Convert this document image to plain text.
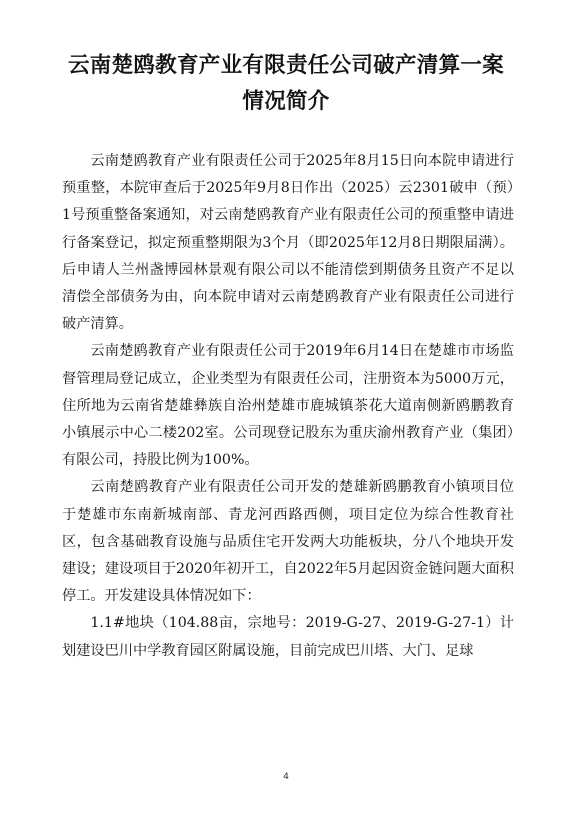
云南楚鸥教育产业有限责任公司破产清算一案
情况简介

云南楚鸥教育产业有限责任公司于2025年8月15日向本院申请进行预重整，本院审查后于2025年9月8日作出（2025）云2301破申（预）1号预重整备案通知，对云南楚鸥教育产业有限责任公司的预重整申请进行备案登记，拟定预重整期限为3个月（即2025年12月8日期限届满）。后申请人兰州盏博园林景观有限公司以不能清偿到期债务且资产不足以清偿全部债务为由，向本院申请对云南楚鸥教育产业有限责任公司进行破产清算。

云南楚鸥教育产业有限责任公司于2019年6月14日在楚雄市市场监督管理局登记成立，企业类型为有限责任公司，注册资本为5000万元，住所地为云南省楚雄彝族自治州楚雄市鹿城镇茶花大道南侧新鸥鹏教育小镇展示中心二楼202室。公司现登记股东为重庆渝州教育产业（集团）有限公司，持股比例为100%。

云南楚鸥教育产业有限责任公司开发的楚雄新鸥鹏教育小镇项目位于楚雄市东南新城南部、青龙河西路西侧，项目定位为综合性教育社区，包含基础教育设施与品质住宅开发两大功能板块，分八个地块开发建设；建设项目于2020年初开工，自2022年5月起因资金链问题大面积停工。开发建设具体情况如下：

1.1#地块（104.88亩，宗地号：2019-G-27、2019-G-27-1）计划建设巴川中学教育园区附属设施，目前完成巴川塔、大门、足球

4
